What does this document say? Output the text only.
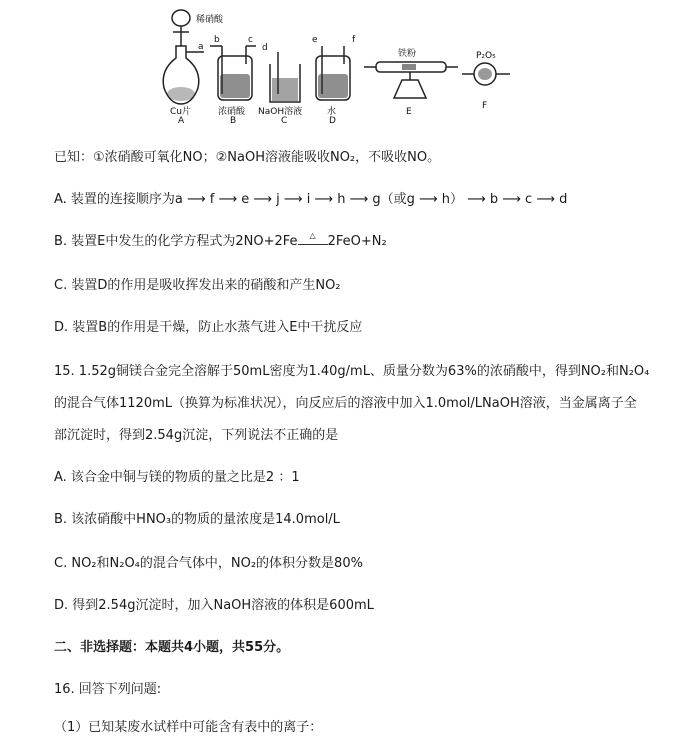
稀硝酸
a
b	c
d
e	f
Cu片
A
浓硝酸
B
NaOH溶液
C
水
D
铁粉
E
P₂O₅
F
已知：①浓硝酸可氧化NO；②NaOH溶液能吸收NO₂，不吸收NO。
A. 装置的连接顺序为a ⟶ f ⟶ e ⟶ j ⟶ i ⟶ h ⟶ g（或g ⟶ h） ⟶ b ⟶ c ⟶ d
B. 装置E中发生的化学方程式为2NO+2Fe	△ 2FeO+N₂
C. 装置D的作用是吸收挥发出来的硝酸和产生NO₂
D. 装置B的作用是干燥，防止水蒸气进入E中干扰反应
15. 1.52g铜镁合金完全溶解于50mL密度为1.40g/mL、质量分数为63%的浓硝酸中，得到NO₂和N₂O₄
的混合气体1120mL（换算为标准状况），向反应后的溶液中加入1.0mol/LNaOH溶液，当金属离子全
部沉淀时，得到2.54g沉淀，下列说法不正确的是
A. 该合金中铜与镁的物质的量之比是2 ：1
B. 该浓硝酸中HNO₃的物质的量浓度是14.0mol/L
C. NO₂和N₂O₄的混合气体中，NO₂的体积分数是80%
D. 得到2.54g沉淀时，加入NaOH溶液的体积是600mL
二、非选择题：本题共4小题，共55分。
16. 回答下列问题:
（1）已知某废水试样中可能含有表中的离子：
